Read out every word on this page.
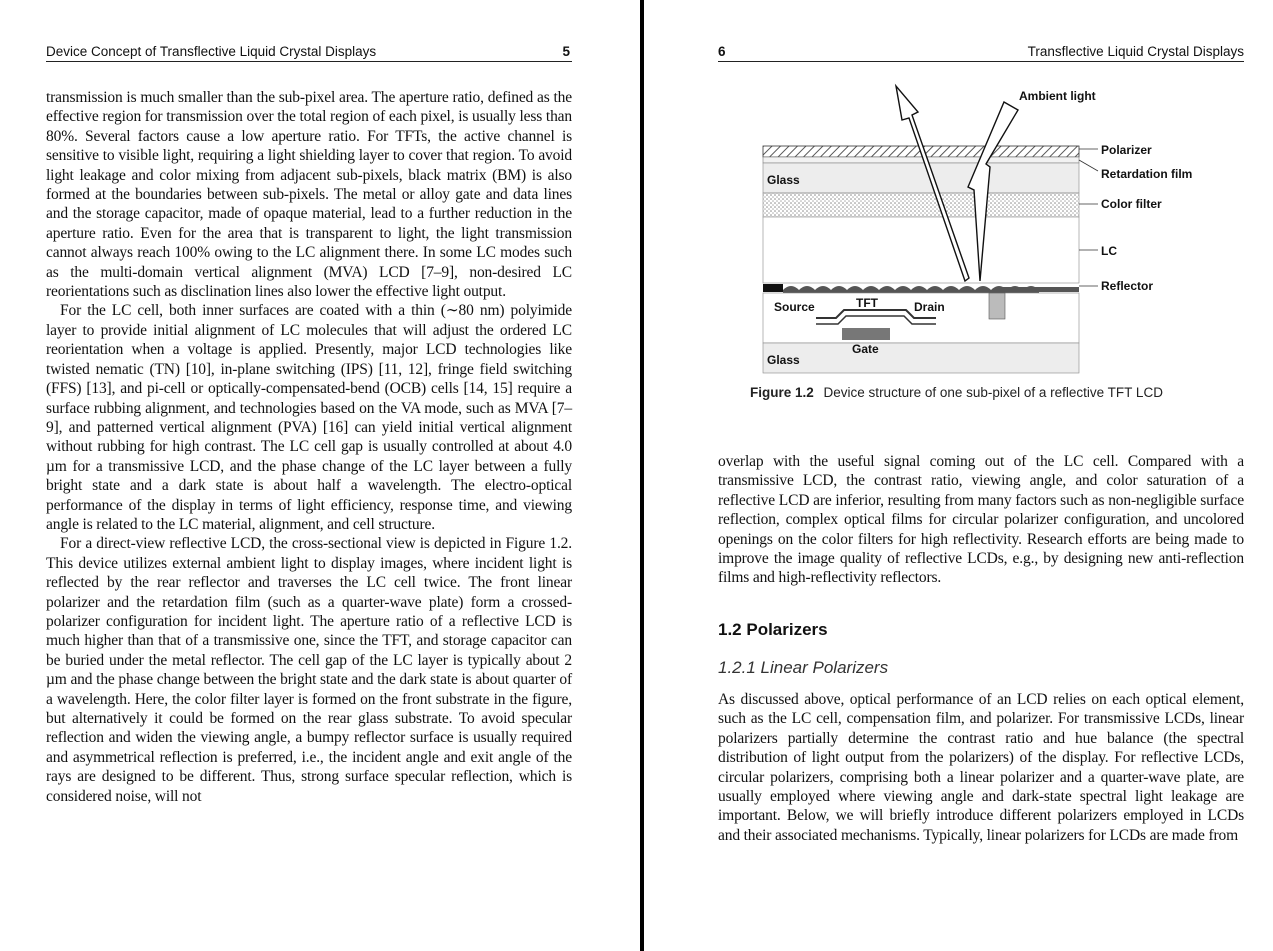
Device Concept of Transflective Liquid Crystal Displays	5

transmission is much smaller than the sub-pixel area. The aperture ratio, defined as the effective region for transmission over the total region of each pixel, is usually less than 80%. Several factors cause a low aperture ratio. For TFTs, the active channel is sensitive to visible light, requiring a light shielding layer to cover that region. To avoid light leakage and color mixing from adjacent sub-pixels, black matrix (BM) is also formed at the boundaries between sub-pixels. The metal or alloy gate and data lines and the storage capacitor, made of opaque material, lead to a further reduction in the aperture ratio. Even for the area that is transparent to light, the light transmission cannot always reach 100% owing to the LC alignment there. In some LC modes such as the multi-domain vertical alignment (MVA) LCD [7–9], non-desired LC reorientations such as disclination lines also lower the effective light output.

For the LC cell, both inner surfaces are coated with a thin (∼80 nm) polyimide layer to provide initial alignment of LC molecules that will adjust the ordered LC reorientation when a voltage is applied. Presently, major LCD technologies like twisted nematic (TN) [10], in-plane switching (IPS) [11, 12], fringe field switching (FFS) [13], and pi-cell or optically-compensated-bend (OCB) cells [14, 15] require a surface rubbing alignment, and technologies based on the VA mode, such as MVA [7–9], and patterned vertical alignment (PVA) [16] can yield initial vertical alignment without rubbing for high contrast. The LC cell gap is usually controlled at about 4.0 µm for a transmissive LCD, and the phase change of the LC layer between a fully bright state and a dark state is about half a wavelength. The electro-optical performance of the display in terms of light efficiency, response time, and viewing angle is related to the LC material, alignment, and cell structure.

For a direct-view reflective LCD, the cross-sectional view is depicted in Figure 1.2. This device utilizes external ambient light to display images, where incident light is reflected by the rear reflector and traverses the LC cell twice. The front linear polarizer and the retardation film (such as a quarter-wave plate) form a crossed-polarizer configuration for incident light. The aperture ratio of a reflective LCD is much higher than that of a transmissive one, since the TFT, and storage capacitor can be buried under the metal reflector. The cell gap of the LC layer is typically about 2 µm and the phase change between the bright state and the dark state is about quarter of a wavelength. Here, the color filter layer is formed on the front substrate in the figure, but alternatively it could be formed on the rear glass substrate. To avoid specular reflection and widen the viewing angle, a bumpy reflector surface is usually required and asymmetrical reflection is preferred, i.e., the incident angle and exit angle of the rays are designed to be different. Thus, strong surface specular reflection, which is considered noise, will not

6	Transflective Liquid Crystal Displays
Ambient light
Polarizer
Retardation film
Color filter
LC
Reflector
Glass
Glass
Source	TFT	Drain
Gate
Figure 1.2 Device structure of one sub-pixel of a reflective TFT LCD

overlap with the useful signal coming out of the LC cell. Compared with a transmissive LCD, the contrast ratio, viewing angle, and color saturation of a reflective LCD are inferior, resulting from many factors such as non-negligible surface reflection, complex optical films for circular polarizer configuration, and uncolored openings on the color filters for high reflectivity. Research efforts are being made to improve the image quality of reflective LCDs, e.g., by designing new anti-reflection films and high-reflectivity reflectors.

1.2 Polarizers
1.2.1 Linear Polarizers

As discussed above, optical performance of an LCD relies on each optical element, such as the LC cell, compensation film, and polarizer. For transmissive LCDs, linear polarizers partially determine the contrast ratio and hue balance (the spectral distribution of light output from the polarizers) of the display. For reflective LCDs, circular polarizers, comprising both a linear polarizer and a quarter-wave plate, are usually employed where viewing angle and dark-state spectral light leakage are important. Below, we will briefly introduce different polarizers employed in LCDs and their associated mechanisms. Typically, linear polarizers for LCDs are made from
